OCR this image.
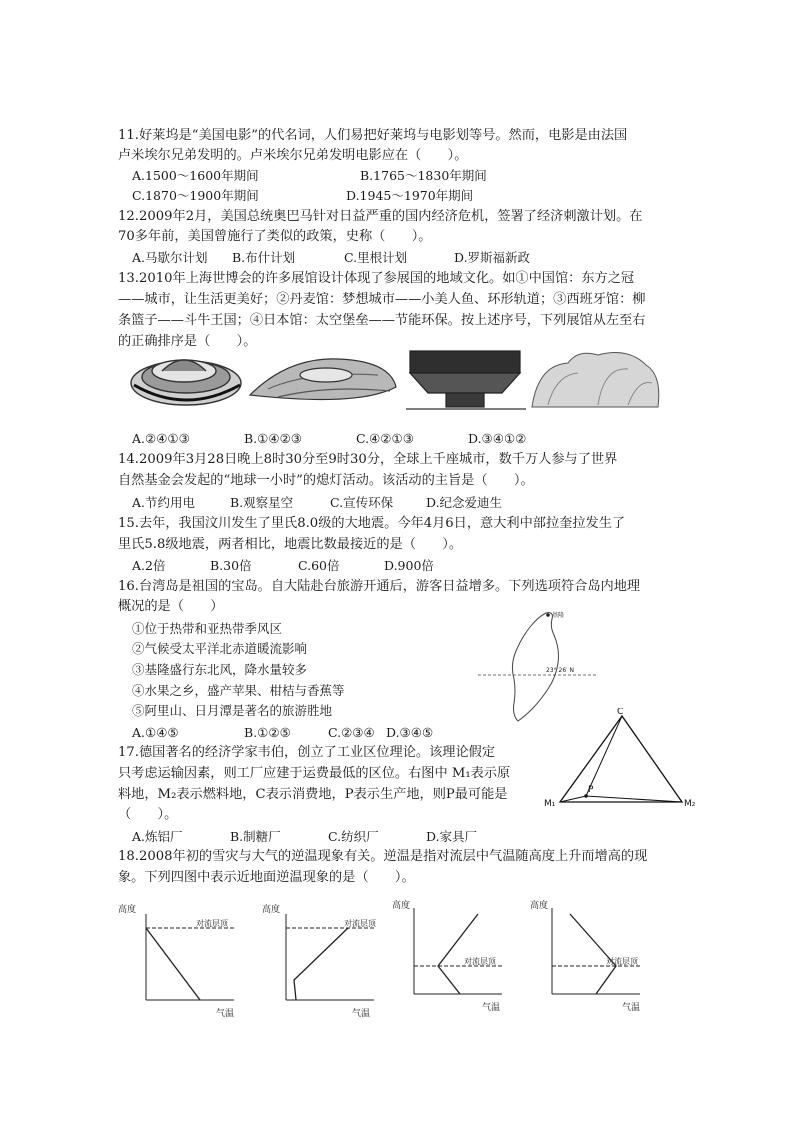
11.好莱坞是“美国电影”的代名词，人们易把好莱坞与电影划等号。然而，电影是由法国
卢米埃尔兄弟发明的。卢米埃尔兄弟发明电影应在（　　）。
A.1500～1600年期间	B.1765～1830年期间
C.1870～1900年期间	D.1945～1970年期间
12.2009年2月，美国总统奥巴马针对日益严重的国内经济危机，签署了经济刺激计划。在
70多年前，美国曾施行了类似的政策，史称（　　）。
A.马歇尔计划 B.布什计划	C.里根计划	D.罗斯福新政
13.2010年上海世博会的许多展馆设计体现了参展国的地域文化。如①中国馆：东方之冠
——城市，让生活更美好；②丹麦馆：梦想城市——小美人鱼、环形轨道；③西班牙馆：柳
条篮子——斗牛王国；④日本馆：太空堡垒——节能环保。按上述序号，下列展馆从左至右
的正确排序是（　　）。
A.②④①③	B.①④②③	C.④②①③	D.③④①②
14.2009年3月28日晚上8时30分至9时30分，全球上千座城市，数千万人参与了世界
自然基金会发起的“地球一小时”的熄灯活动。该活动的主旨是（　　）。
A.节约用电	B.观察星空	C.宣传环保	D.纪念爱迪生
15.去年，我国汶川发生了里氏8.0级的大地震。今年4月6日，意大利中部拉奎拉发生了
里氏5.8级地震，两者相比，地震比数最接近的是（　　）。
A.2倍	B.30倍	C.60倍	D.900倍
16.台湾岛是祖国的宝岛。自大陆赴台旅游开通后，游客日益增多。下列选项符合岛内地理
概况的是（　　）
①位于热带和亚热带季风区
②气候受太平洋北赤道暖流影响
③基隆盛行东北风，降水量较多
④水果之乡，盛产苹果、柑桔与香蕉等
⑤阿里山、日月潭是著名的旅游胜地
A.①④⑤	B.①②⑤	C.②③④ D.③④⑤
基隆
23° 26′ N
17.德国著名的经济学家韦伯，创立了工业区位理论。该理论假定
只考虑运输因素，则工厂应建于运费最低的区位。右图中 M₁表示原
料地，M₂表示燃料地，C表示消费地，P表示生产地，则P最可能是
（　　）。
A.炼铝厂	B.制糖厂	C.纺织厂	D.家具厂
C
P
M₁	M₂
18.2008年初的雪灾与大气的逆温现象有关。逆温是指对流层中气温随高度上升而增高的现
象。下列四图中表示近地面逆温现象的是（　　）。
高度
对流层顶
气温
高度
对流层顶
气温
高度
对流层顶
气温
高度
对流层顶
气温
